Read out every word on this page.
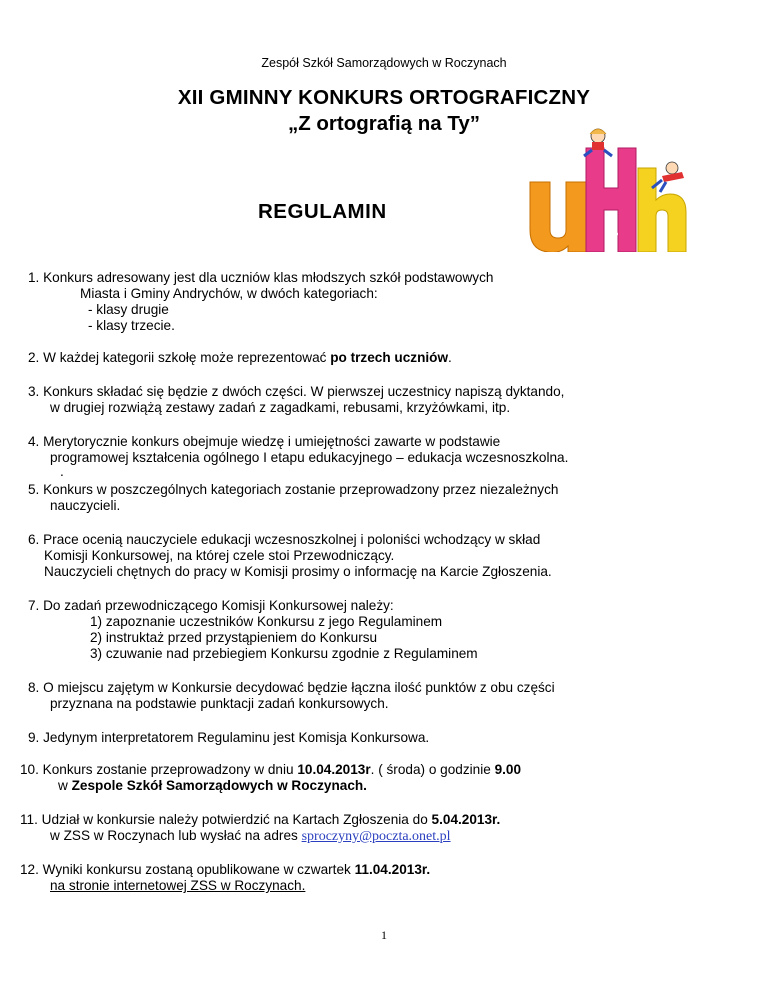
Zespół Szkół Samorządowych w Roczynach
XII GMINNY KONKURS ORTOGRAFICZNY
„Z ortografią na Ty”
REGULAMIN
1. Konkurs adresowany jest dla uczniów klas młodszych szkół podstawowych
Miasta i Gminy Andrychów, w dwóch kategoriach:
- klasy drugie
- klasy trzecie.
2. W każdej kategorii szkołę może reprezentować po trzech uczniów.
3. Konkurs składać się będzie z dwóch części. W pierwszej uczestnicy napiszą dyktando,
w drugiej rozwiążą zestawy zadań z zagadkami, rebusami, krzyżówkami, itp.
4. Merytorycznie konkurs obejmuje wiedzę i umiejętności zawarte w podstawie
programowej kształcenia ogólnego I etapu edukacyjnego – edukacja wczesnoszkolna.
.
5. Konkurs w poszczególnych kategoriach zostanie przeprowadzony przez niezależnych
nauczycieli.
6. Prace ocenią nauczyciele edukacji wczesnoszkolnej i poloniści wchodzący w skład
Komisji Konkursowej, na której czele stoi Przewodniczący.
Nauczycieli chętnych do pracy w Komisji prosimy o informację na Karcie Zgłoszenia.
7. Do zadań przewodniczącego Komisji Konkursowej należy:
1) zapoznanie uczestników Konkursu z jego Regulaminem
2) instruktaż przed przystąpieniem do Konkursu
3) czuwanie nad przebiegiem Konkursu zgodnie z Regulaminem
8. O miejscu zajętym w Konkursie decydować będzie łączna ilość punktów z obu części
przyznana na podstawie punktacji zadań konkursowych.
9. Jedynym interpretatorem Regulaminu jest Komisja Konkursowa.
10. Konkurs zostanie przeprowadzony w dniu 10.04.2013r. ( środa) o godzinie 9.00
w Zespole Szkół Samorządowych w Roczynach.
11. Udział w konkursie należy potwierdzić na Kartach Zgłoszenia do 5.04.2013r.
w ZSS w Roczynach lub wysłać na adres sproczyny@poczta.onet.pl
12. Wyniki konkursu zostaną opublikowane w czwartek 11.04.2013r.
na stronie internetowej ZSS w Roczynach.
1
